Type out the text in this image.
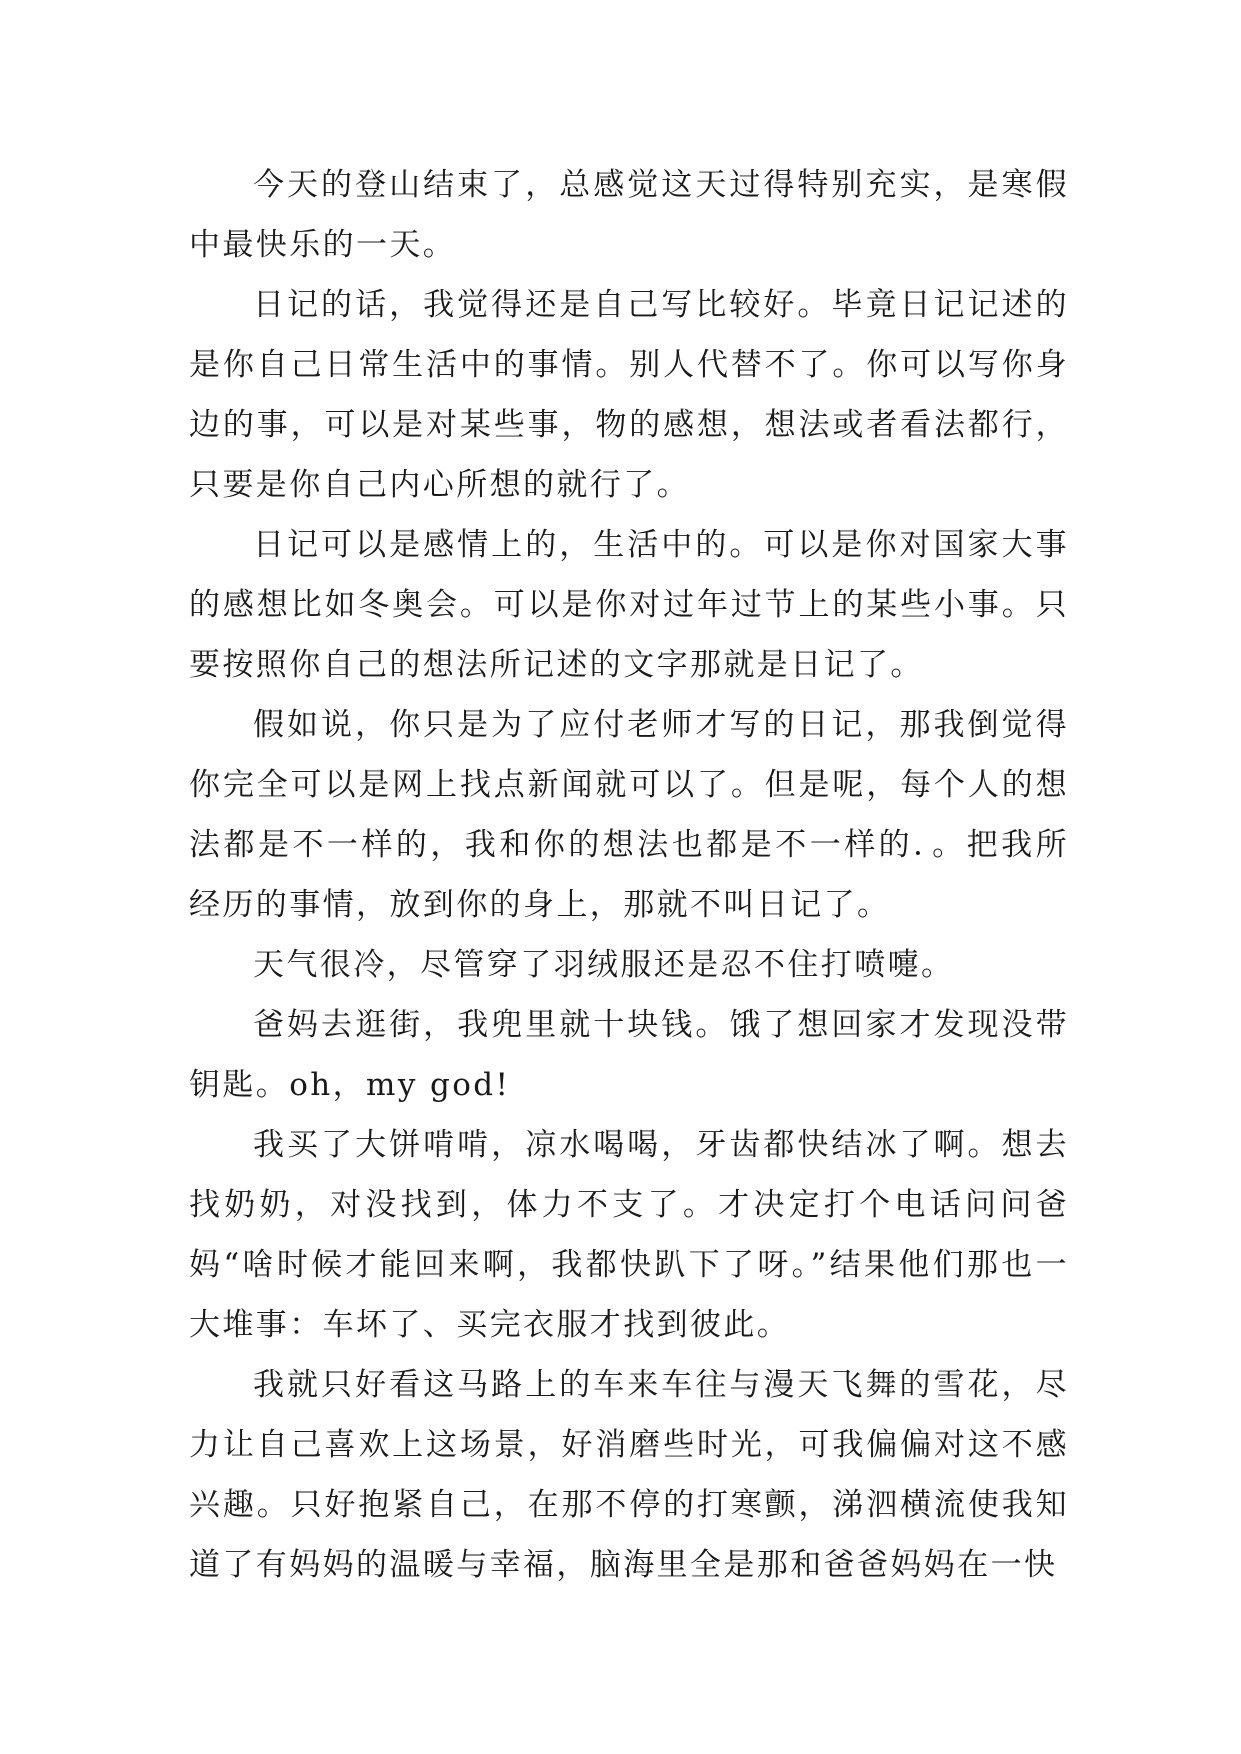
今天的登山结束了，总感觉这天过得特别充实，是寒假中最快乐的一天。

日记的话，我觉得还是自己写比较好。毕竟日记记述的是你自己日常生活中的事情。别人代替不了。你可以写你身边的事，可以是对某些事，物的感想，想法或者看法都行，只要是你自己内心所想的就行了。

日记可以是感情上的，生活中的。可以是你对国家大事的感想比如冬奥会。可以是你对过年过节上的某些小事。只要按照你自己的想法所记述的文字那就是日记了。

假如说，你只是为了应付老师才写的日记，那我倒觉得你完全可以是网上找点新闻就可以了。但是呢，每个人的想法都是不一样的，我和你的想法也都是不一样的．。把我所经历的事情，放到你的身上，那就不叫日记了。

天气很冷，尽管穿了羽绒服还是忍不住打喷嚏。

爸妈去逛街，我兜里就十块钱。饿了想回家才发现没带钥匙。oh，my god!

我买了大饼啃啃，凉水喝喝，牙齿都快结冰了啊。想去找奶奶，对没找到，体力不支了。才决定打个电话问问爸妈“啥时候才能回来啊，我都快趴下了呀。”结果他们那也一大堆事：车坏了、买完衣服才找到彼此。

我就只好看这马路上的车来车往与漫天飞舞的雪花，尽力让自己喜欢上这场景，好消磨些时光，可我偏偏对这不感兴趣。只好抱紧自己，在那不停的打寒颤，涕泗横流使我知道了有妈妈的温暖与幸福，脑海里全是那和爸爸妈妈在一快
